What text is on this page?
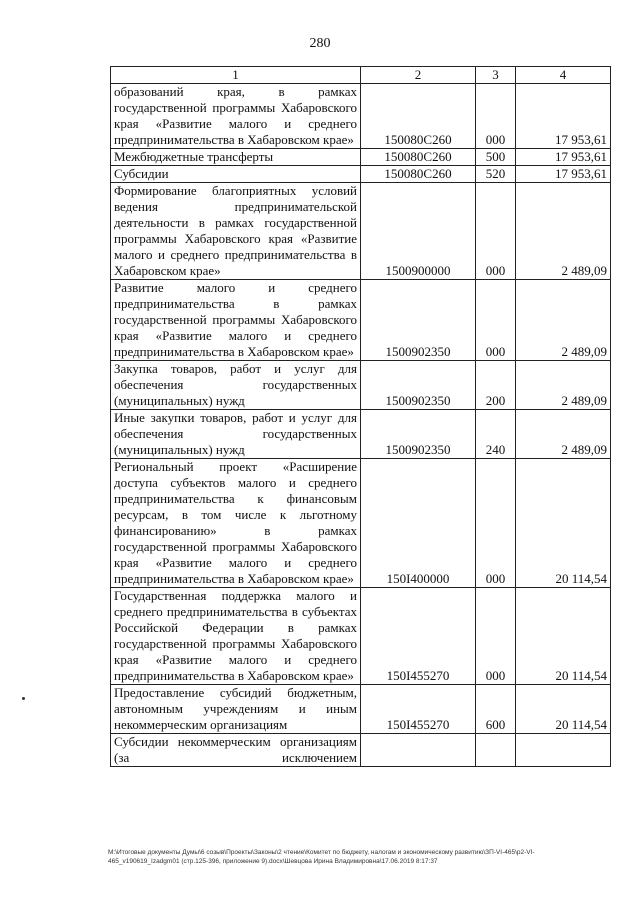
280
1	2	3	4
образований края, в рамках государственной программы Хабаровского края «Развитие малого и среднего предпринимательства в Хабаровском крае»	150080С260	000	17 953,61
Межбюджетные трансферты	150080С260	500	17 953,61
Субсидии	150080С260	520	17 953,61
Формирование благоприятных условий ведения предпринимательской деятельности в рамках государственной программы Хабаровского края «Развитие малого и среднего предпринимательства в Хабаровском крае»	1500900000	000	2 489,09
Развитие малого и среднего предпринимательства в рамках государственной программы Хабаровского края «Развитие малого и среднего предпринимательства в Хабаровском крае»	1500902350	000	2 489,09
Закупка товаров, работ и услуг для обеспечения государственных (муниципальных) нужд	1500902350	200	2 489,09
Иные закупки товаров, работ и услуг для обеспечения государственных (муниципальных) нужд	1500902350	240	2 489,09
Региональный проект «Расширение доступа субъектов малого и среднего предпринимательства к финансовым ресурсам, в том числе к льготному финансированию» в рамках государственной программы Хабаровского края «Развитие малого и среднего предпринимательства в Хабаровском крае»	150I400000	000	20 114,54
Государственная поддержка малого и среднего предпринимательства в субъектах Российской Федерации в рамках государственной программы Хабаровского края «Развитие малого и среднего предпринимательства в Хабаровском крае»	150I455270	000	20 114,54
Предоставление субсидий бюджетным, автономным учреждениям и иным некоммерческим организациям	150I455270	600	20 114,54
Субсидии некоммерческим организациям (за исключением			
М:\Итоговые документы Думы\6 созыв\Проекты\Законы\2 чтение\Комитет по бюджету, налогам и экономическому развитию\ЗП-VI-465\р2-VI-
465_v190619_Izadgm01 (стр.125-396, приложение 9).docx\Шевцова Ирина Владимировна\17.06.2019 8:17:37
